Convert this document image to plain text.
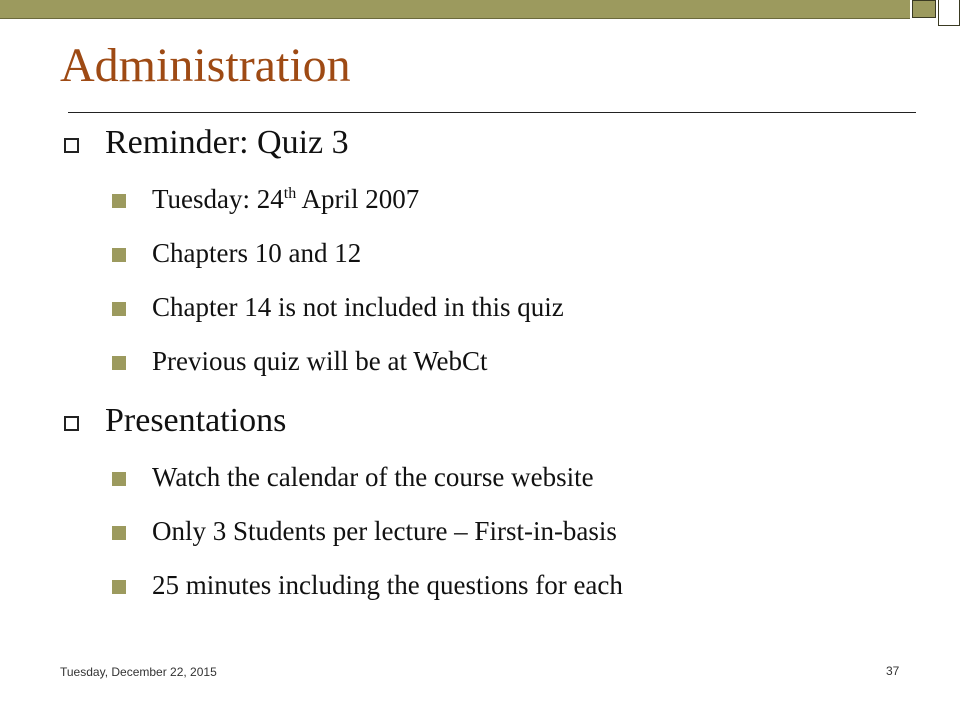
Administration
Reminder: Quiz 3
Tuesday: 24th April 2007
Chapters 10 and 12
Chapter 14 is not included in this quiz
Previous quiz will be at WebCt
Presentations
Watch the calendar of the course website
Only 3 Students per lecture – First-in-basis
25 minutes including the questions for each
Tuesday, December 22, 2015	37
